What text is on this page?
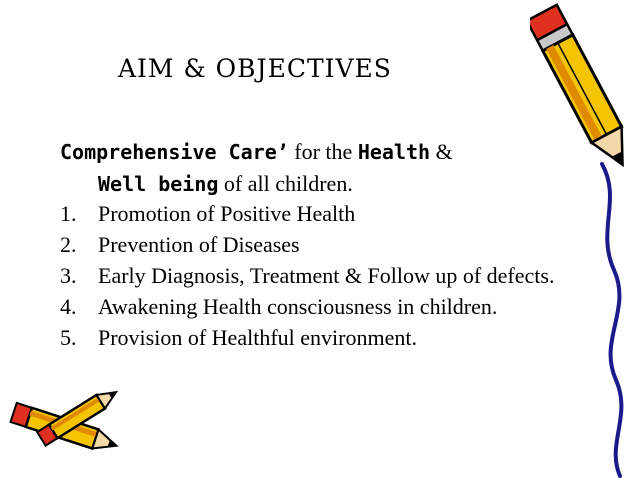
AIM & OBJECTIVES
Comprehensive Care’ for the Health &
Well being of all children.
1. Promotion of Positive Health
2. Prevention of Diseases
3. Early Diagnosis, Treatment & Follow up of defects.
4. Awakening Health consciousness in children.
5. Provision of Healthful environment.
